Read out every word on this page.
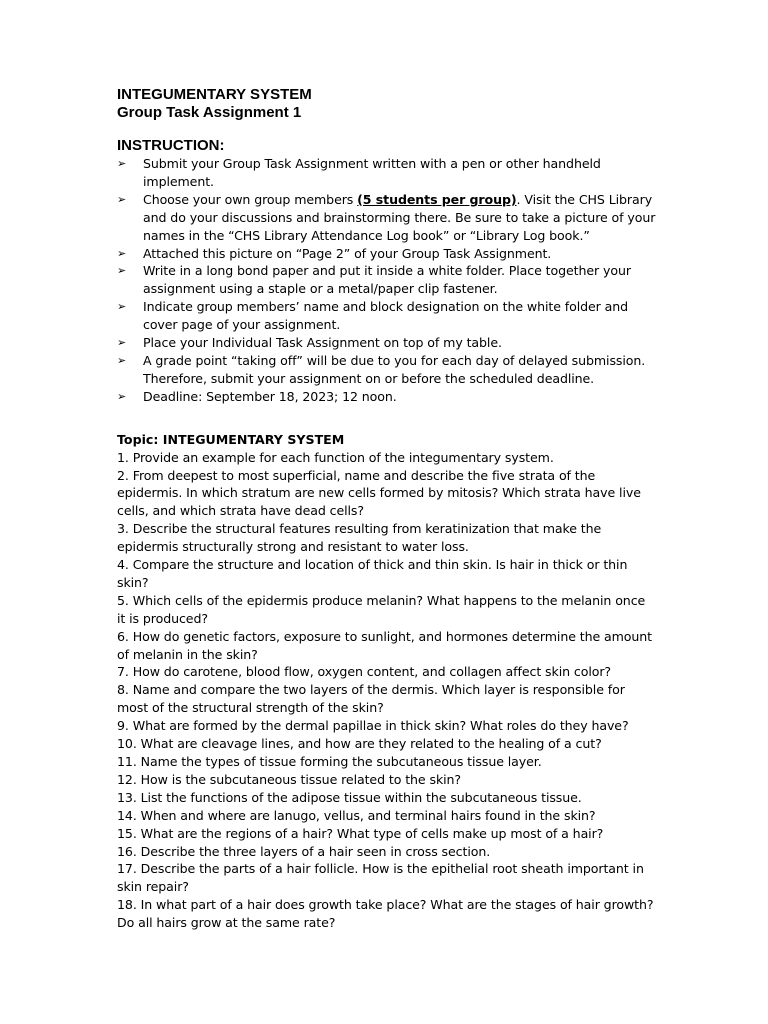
INTEGUMENTARY SYSTEM
Group Task Assignment 1
INSTRUCTION:
➢ Submit your Group Task Assignment written with a pen or other handheld implement.
➢ Choose your own group members (5 students per group). Visit the CHS Library and do your discussions and brainstorming there. Be sure to take a picture of your names in the “CHS Library Attendance Log book” or “Library Log book.”
➢ Attached this picture on “Page 2” of your Group Task Assignment.
➢ Write in a long bond paper and put it inside a white folder. Place together your assignment using a staple or a metal/paper clip fastener.
➢ Indicate group members’ name and block designation on the white folder and cover page of your assignment.
➢ Place your Individual Task Assignment on top of my table.
➢ A grade point “taking off” will be due to you for each day of delayed submission. Therefore, submit your assignment on or before the scheduled deadline.
➢ Deadline: September 18, 2023; 12 noon.
Topic: INTEGUMENTARY SYSTEM
1. Provide an example for each function of the integumentary system.
2. From deepest to most superficial, name and describe the five strata of the epidermis. In which stratum are new cells formed by mitosis? Which strata have live cells, and which strata have dead cells?
3. Describe the structural features resulting from keratinization that make the epidermis structurally strong and resistant to water loss.
4. Compare the structure and location of thick and thin skin. Is hair in thick or thin skin?
5. Which cells of the epidermis produce melanin? What happens to the melanin once it is produced?
6. How do genetic factors, exposure to sunlight, and hormones determine the amount of melanin in the skin?
7. How do carotene, blood flow, oxygen content, and collagen affect skin color?
8. Name and compare the two layers of the dermis. Which layer is responsible for most of the structural strength of the skin?
9. What are formed by the dermal papillae in thick skin? What roles do they have?
10. What are cleavage lines, and how are they related to the healing of a cut?
11. Name the types of tissue forming the subcutaneous tissue layer.
12. How is the subcutaneous tissue related to the skin?
13. List the functions of the adipose tissue within the subcutaneous tissue.
14. When and where are lanugo, vellus, and terminal hairs found in the skin?
15. What are the regions of a hair? What type of cells make up most of a hair?
16. Describe the three layers of a hair seen in cross section.
17. Describe the parts of a hair follicle. How is the epithelial root sheath important in skin repair?
18. In what part of a hair does growth take place? What are the stages of hair growth? Do all hairs grow at the same rate?
